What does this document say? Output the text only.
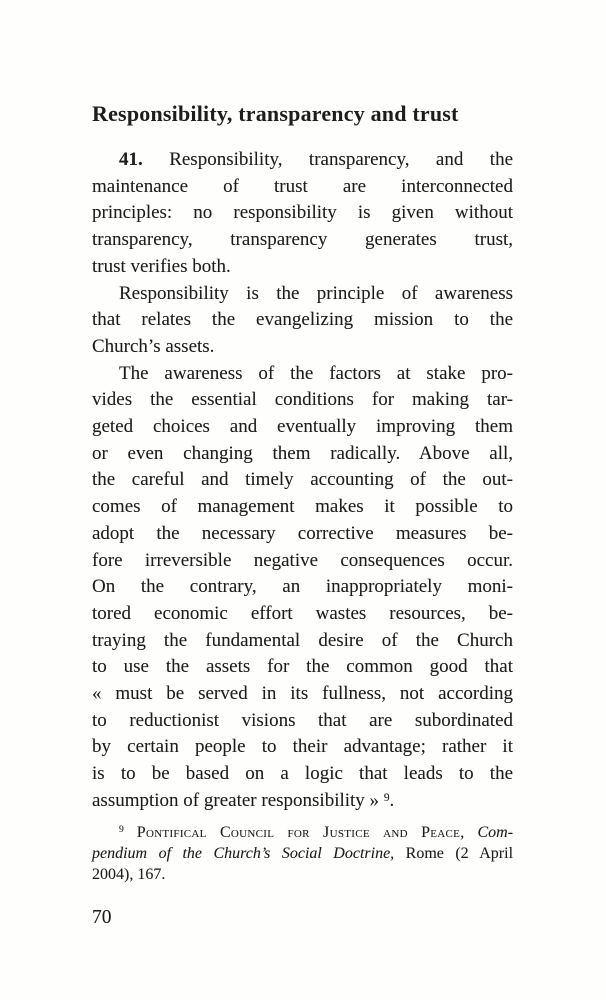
Responsibility, transparency and trust
41. Responsibility, transparency, and the
maintenance of trust are interconnected
principles: no responsibility is given without
transparency, transparency generates trust,
trust verifies both.
Responsibility is the principle of awareness
that relates the evangelizing mission to the
Church’s assets.
The awareness of the factors at stake pro-
vides the essential conditions for making tar-
geted choices and eventually improving them
or even changing them radically. Above all,
the careful and timely accounting of the out-
comes of management makes it possible to
adopt the necessary corrective measures be-
fore irreversible negative consequences occur.
On the contrary, an inappropriately moni-
tored economic effort wastes resources, be-
traying the fundamental desire of the Church
to use the assets for the common good that
« must be served in its fullness, not according
to reductionist visions that are subordinated
by certain people to their advantage; rather it
is to be based on a logic that leads to the
assumption of greater responsibility » $^9$.
$^9$ Pontifical Council for Justice and Peace, Com-
pendium of the Church’s Social Doctrine, Rome (2 April
2004), 167.
70
